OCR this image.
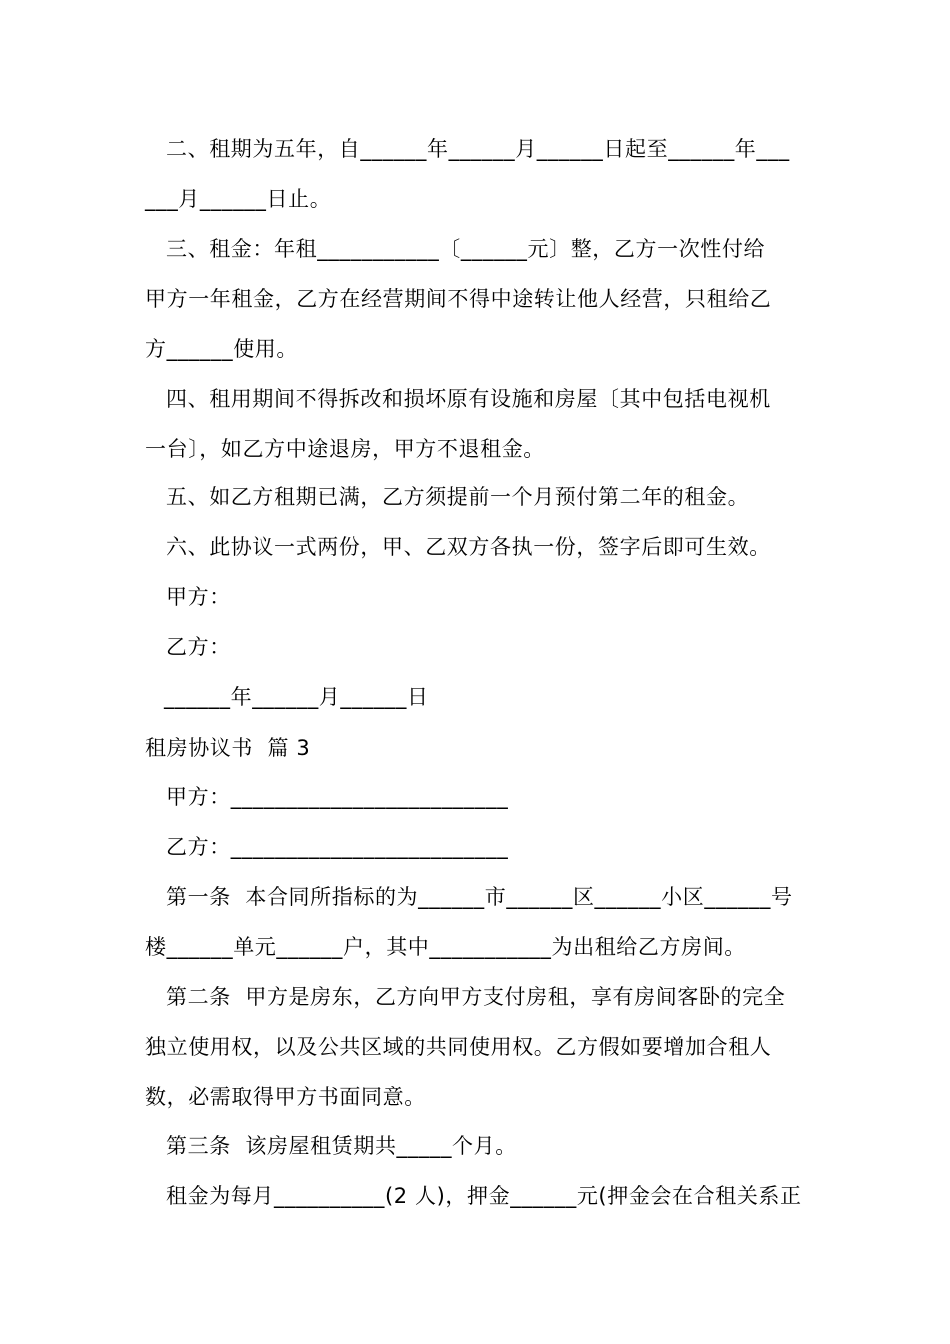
二、租期为五年，自______年______月______日起至______年___
___月______日止。
三、租金：年租___________〔______元〕整，乙方一次性付给
甲方一年租金，乙方在经营期间不得中途转让他人经营，只租给乙
方______使用。
四、租用期间不得拆改和损坏原有设施和房屋〔其中包括电视机
一台〕，如乙方中途退房，甲方不退租金。
五、如乙方租期已满，乙方须提前一个月预付第二年的租金。
六、此协议一式两份，甲、乙双方各执一份，签字后即可生效。
甲方：
乙方：
______年______月______日
租房协议书  篇 3
甲方：_________________________
乙方：_________________________
第一条  本合同所指标的为______市______区______小区______号
楼______单元______户，其中___________为出租给乙方房间。
第二条  甲方是房东，乙方向甲方支付房租，享有房间客卧的完全
独立使用权，以及公共区域的共同使用权。乙方假如要增加合租人
数，必需取得甲方书面同意。
第三条  该房屋租赁期共_____个月。
租金为每月__________(2 人)，押金______元(押金会在合租关系正
